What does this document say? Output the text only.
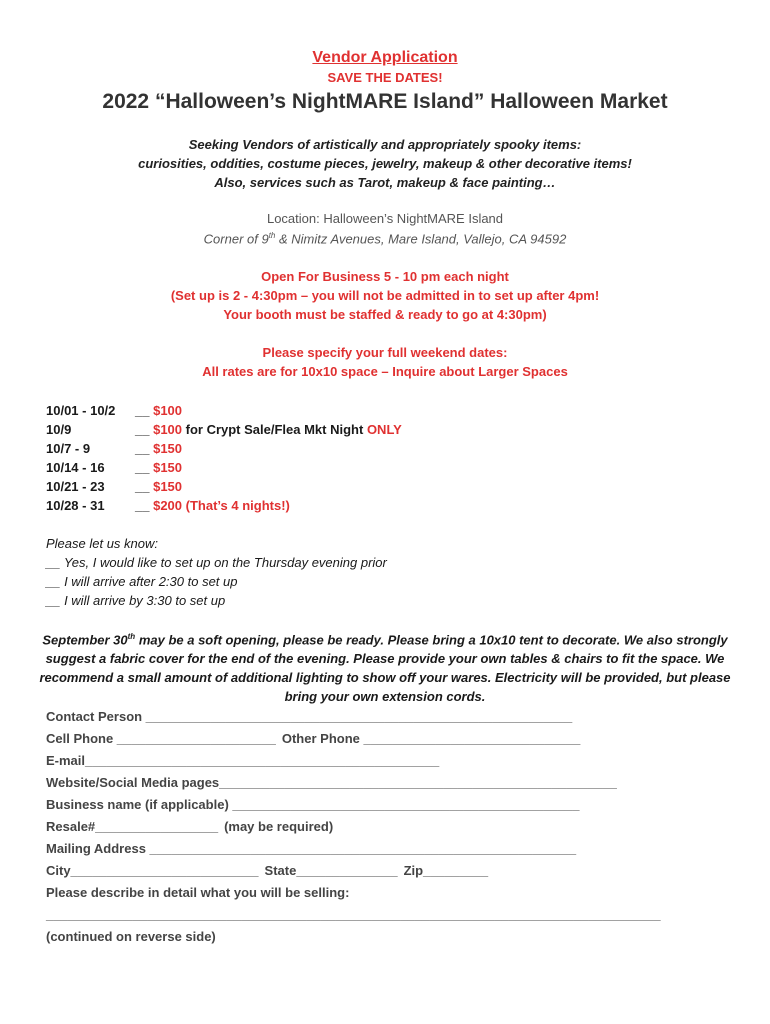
Vendor Application
SAVE THE DATES!
2022 “Halloween’s NightMARE Island” Halloween Market
Seeking Vendors of artistically and appropriately spooky items:
curiosities, oddities, costume pieces, jewelry, makeup & other decorative items!
Also, services such as Tarot, makeup & face painting…
Location: Halloween’s NightMARE Island
Corner of 9th & Nimitz Avenues, Mare Island, Vallejo, CA 94592
Open For Business 5 - 10 pm each night
(Set up is 2 - 4:30pm – you will not be admitted in to set up after 4pm!
Your booth must be staffed & ready to go at 4:30pm)
Please specify your full weekend dates:
All rates are for 10x10 space – Inquire about Larger Spaces
10/01 - 10/2	__ $100
10/9	__ $100 for Crypt Sale/Flea Mkt Night ONLY
10/7 - 9	__ $150
10/14 - 16	__ $150
10/21 - 23	__ $150
10/28 - 31	__ $200 (That’s 4 nights!)
Please let us know:
__ Yes, I would like to set up on the Thursday evening prior
__ I will arrive after 2:30 to set up
__ I will arrive by 3:30 to set up
September 30th may be a soft opening, please be ready. Please bring a 10x10 tent to decorate. We also strongly suggest a fabric cover for the end of the evening. Please provide your own tables & chairs to fit the space. We recommend a small amount of additional lighting to show off your wares. Electricity will be provided, but please bring your own extension cords.
Contact Person ___________________________________________________________
Cell Phone ______________________ Other Phone ______________________________
E-mail_________________________________________________
Website/Social Media pages_______________________________________________________
Business name (if applicable) ________________________________________________
Resale#_________________ (may be required)
Mailing Address ___________________________________________________________
City__________________________ State______________ Zip_________
Please describe in detail what you will be selling:
_____________________________________________________________________________________
(continued on reverse side)
